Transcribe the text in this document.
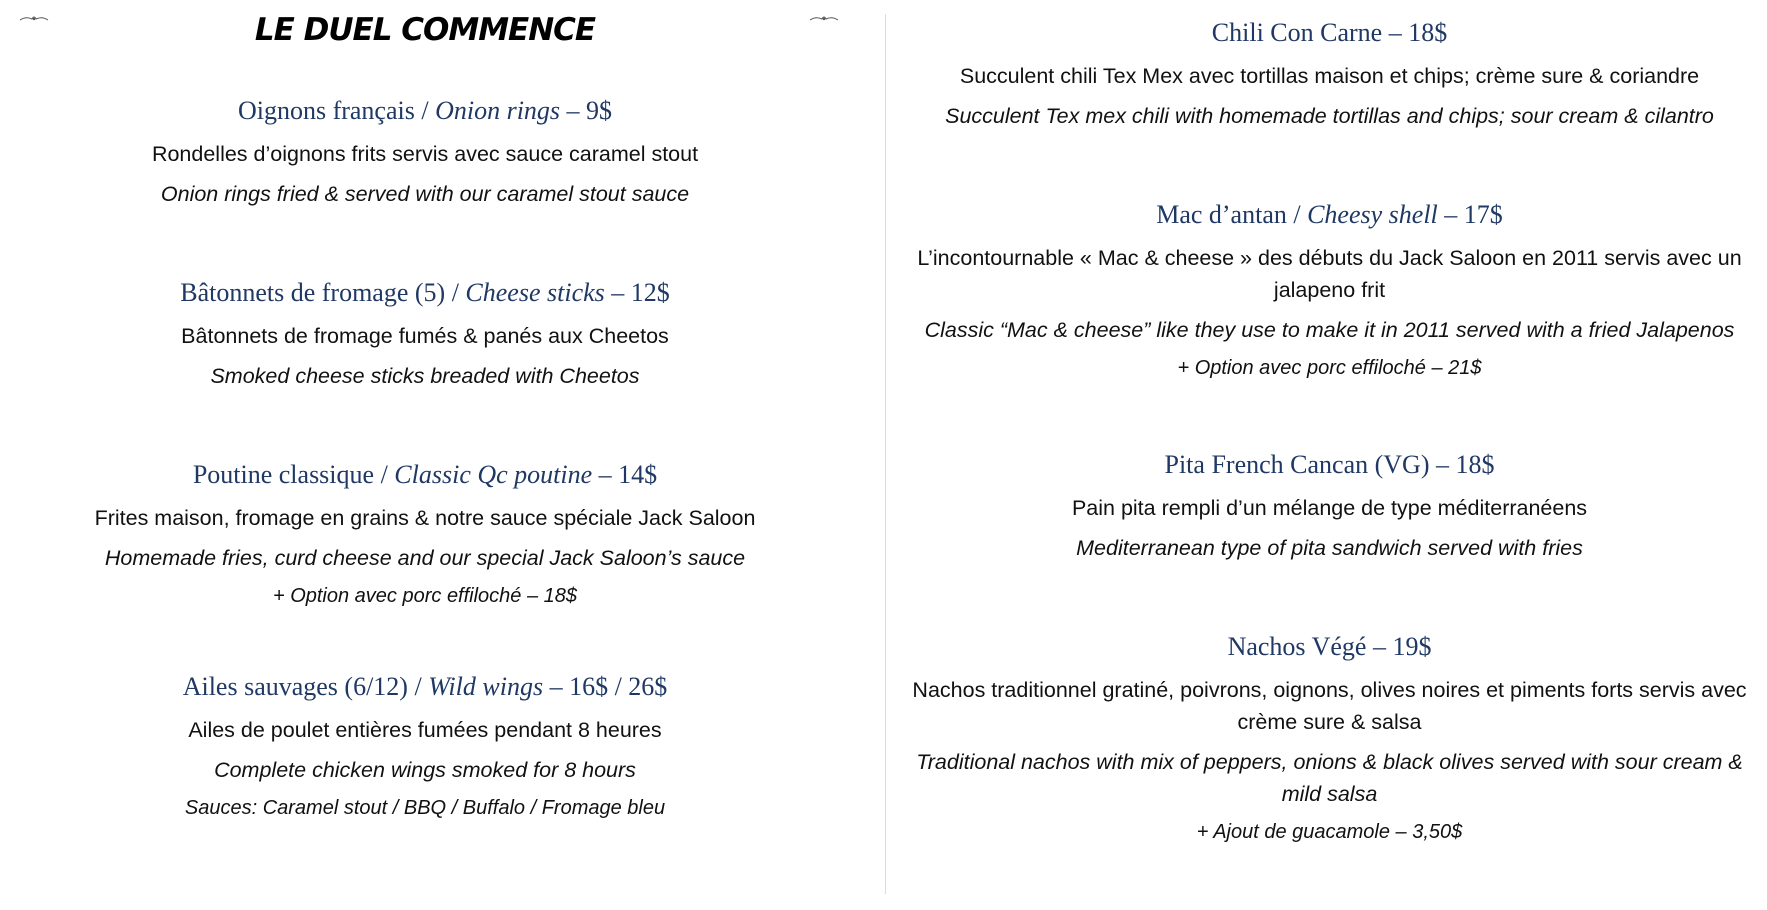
LE DUEL COMMENCE

Oignons français / Onion rings – 9$

Rondelles d’oignons frits servis avec sauce caramel stout

Onion rings fried & served with our caramel stout sauce

Bâtonnets de fromage (5) / Cheese sticks – 12$

Bâtonnets de fromage fumés & panés aux Cheetos

Smoked cheese sticks breaded with Cheetos

Poutine classique / Classic Qc poutine – 14$

Frites maison, fromage en grains & notre sauce spéciale Jack Saloon

Homemade fries, curd cheese and our special Jack Saloon’s sauce

+ Option avec porc effiloché – 18$

Ailes sauvages (6/12) / Wild wings – 16$ / 26$

Ailes de poulet entières fumées pendant 8 heures

Complete chicken wings smoked for 8 hours

Sauces: Caramel stout / BBQ / Buffalo / Fromage bleu

Chili Con Carne – 18$

Succulent chili Tex Mex avec tortillas maison et chips; crème sure & coriandre

Succulent Tex mex chili with homemade tortillas and chips; sour cream & cilantro

Mac d’antan / Cheesy shell – 17$

L’incontournable « Mac & cheese » des débuts du Jack Saloon en 2011 servis avec un jalapeno frit

Classic “Mac & cheese” like they use to make it in 2011 served with a fried Jalapenos

+ Option avec porc effiloché – 21$

Pita French Cancan (VG) – 18$

Pain pita rempli d’un mélange de type méditerranéens

Mediterranean type of pita sandwich served with fries

Nachos Végé – 19$

Nachos traditionnel gratiné, poivrons, oignons, olives noires et piments forts servis avec crème sure & salsa

Traditional nachos with mix of peppers, onions & black olives served with sour cream & mild salsa

+ Ajout de guacamole – 3,50$
